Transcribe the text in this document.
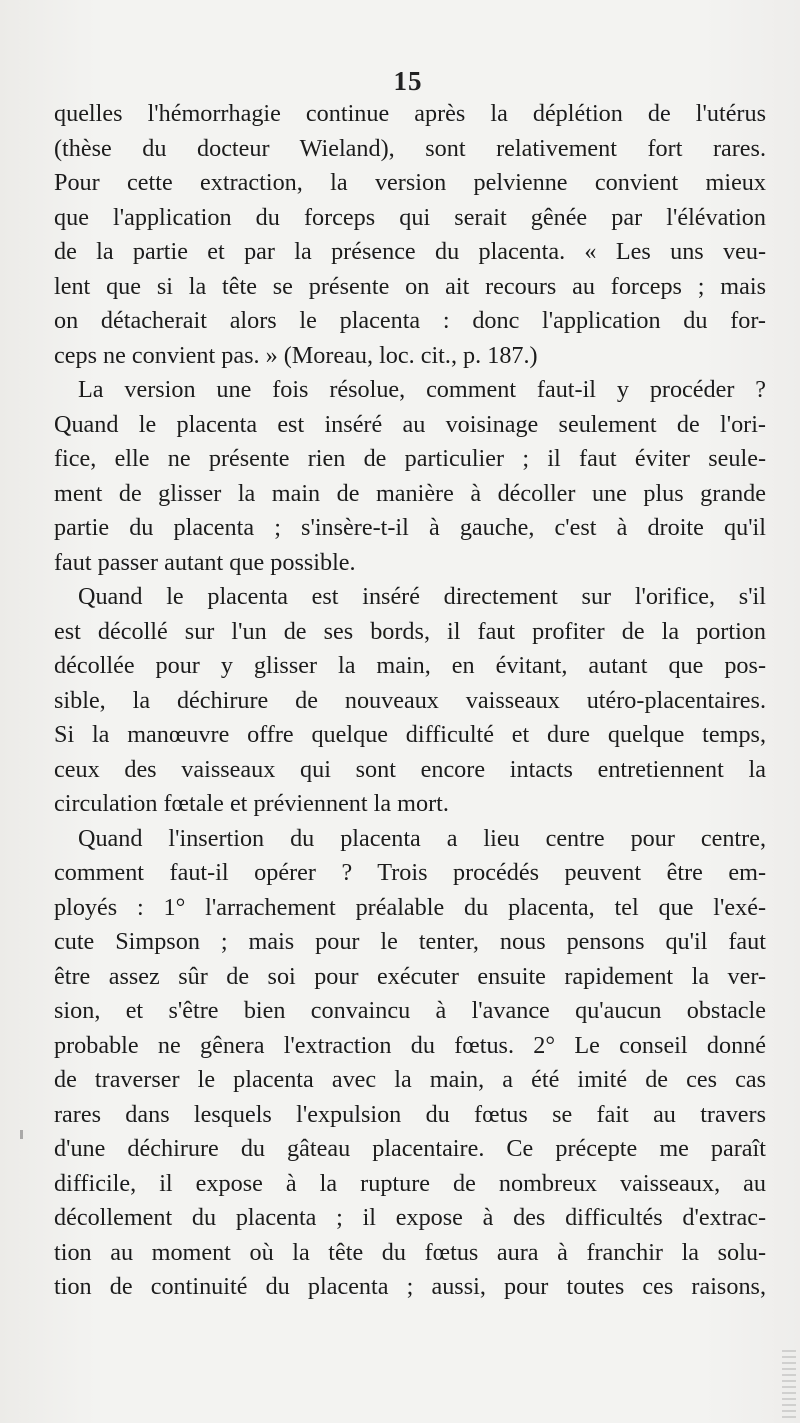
15
quelles l'hémorrhagie continue après la déplétion de l'utérus
(thèse du docteur Wieland), sont relativement fort rares.
Pour cette extraction, la version pelvienne convient mieux
que l'application du forceps qui serait gênée par l'élévation
de la partie et par la présence du placenta. « Les uns veu-
lent que si la tête se présente on ait recours au forceps ; mais
on détacherait alors le placenta : donc l'application du for-
ceps ne convient pas. » (Moreau, loc. cit., p. 187.)
La version une fois résolue, comment faut-il y procéder ?
Quand le placenta est inséré au voisinage seulement de l'ori-
fice, elle ne présente rien de particulier ; il faut éviter seule-
ment de glisser la main de manière à décoller une plus grande
partie du placenta ; s'insère-t-il à gauche, c'est à droite qu'il
faut passer autant que possible.
Quand le placenta est inséré directement sur l'orifice, s'il
est décollé sur l'un de ses bords, il faut profiter de la portion
décollée pour y glisser la main, en évitant, autant que pos-
sible, la déchirure de nouveaux vaisseaux utéro-placentaires.
Si la manœuvre offre quelque difficulté et dure quelque temps,
ceux des vaisseaux qui sont encore intacts entretiennent la
circulation fœtale et préviennent la mort.
Quand l'insertion du placenta a lieu centre pour centre,
comment faut-il opérer ? Trois procédés peuvent être em-
ployés : 1° l'arrachement préalable du placenta, tel que l'exé-
cute Simpson ; mais pour le tenter, nous pensons qu'il faut
être assez sûr de soi pour exécuter ensuite rapidement la ver-
sion, et s'être bien convaincu à l'avance qu'aucun obstacle
probable ne gênera l'extraction du fœtus. 2° Le conseil donné
de traverser le placenta avec la main, a été imité de ces cas
rares dans lesquels l'expulsion du fœtus se fait au travers
d'une déchirure du gâteau placentaire. Ce précepte me paraît
difficile, il expose à la rupture de nombreux vaisseaux, au
décollement du placenta ; il expose à des difficultés d'extrac-
tion au moment où la tête du fœtus aura à franchir la solu-
tion de continuité du placenta ; aussi, pour toutes ces raisons,
